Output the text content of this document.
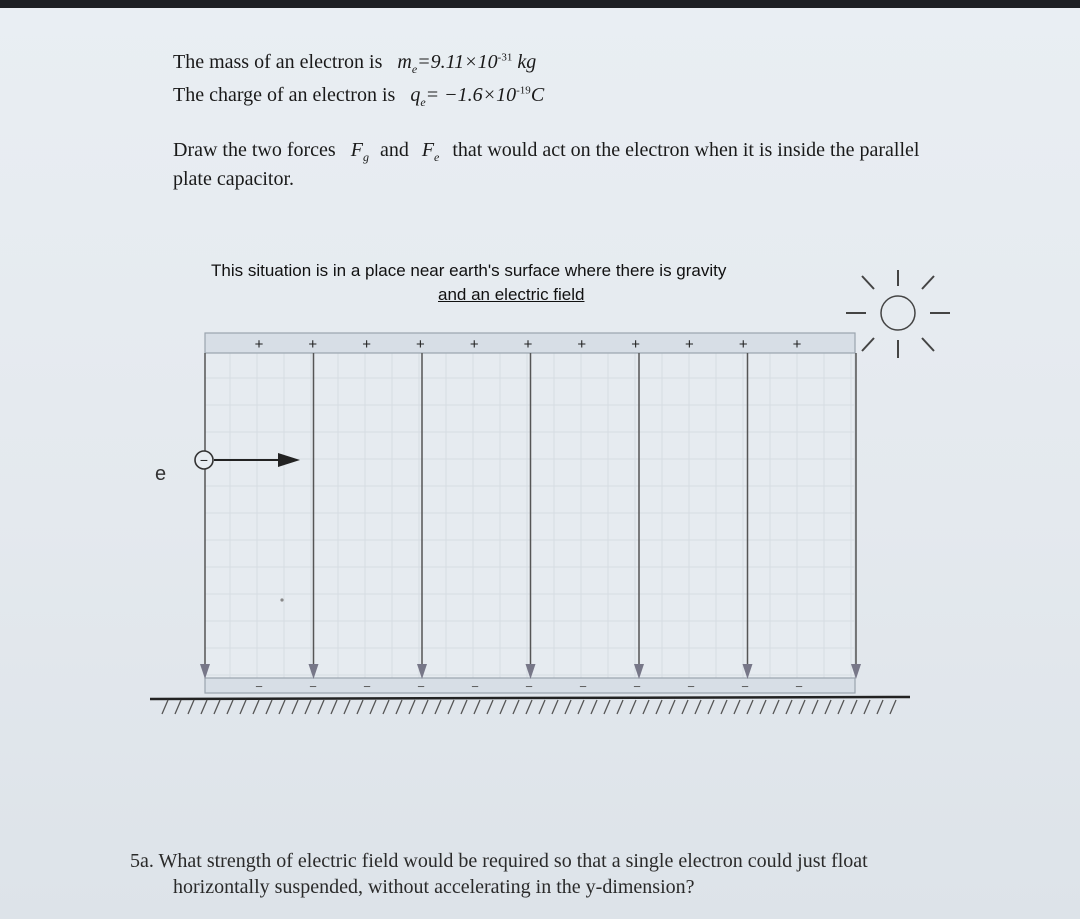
The mass of an electron is $m_e=9.11\times 10^{-31}$ kg
The charge of an electron is $q_e= -1.6\times 10^{-19}C$
Draw the two forces $F_g$ and $F_e$ that would act on the electron when it is inside the parallel
plate capacitor.
This situation is in a place near earth's surface where there is gravity
and an electric field
+	+	+	+	+	+	+	+	+	+	+
−	−	−	−	−	−	−	−	−	−	−
−
e
5a. What strength of electric field would be required so that a single electron could just float
horizontally suspended, without accelerating in the y-dimension?
